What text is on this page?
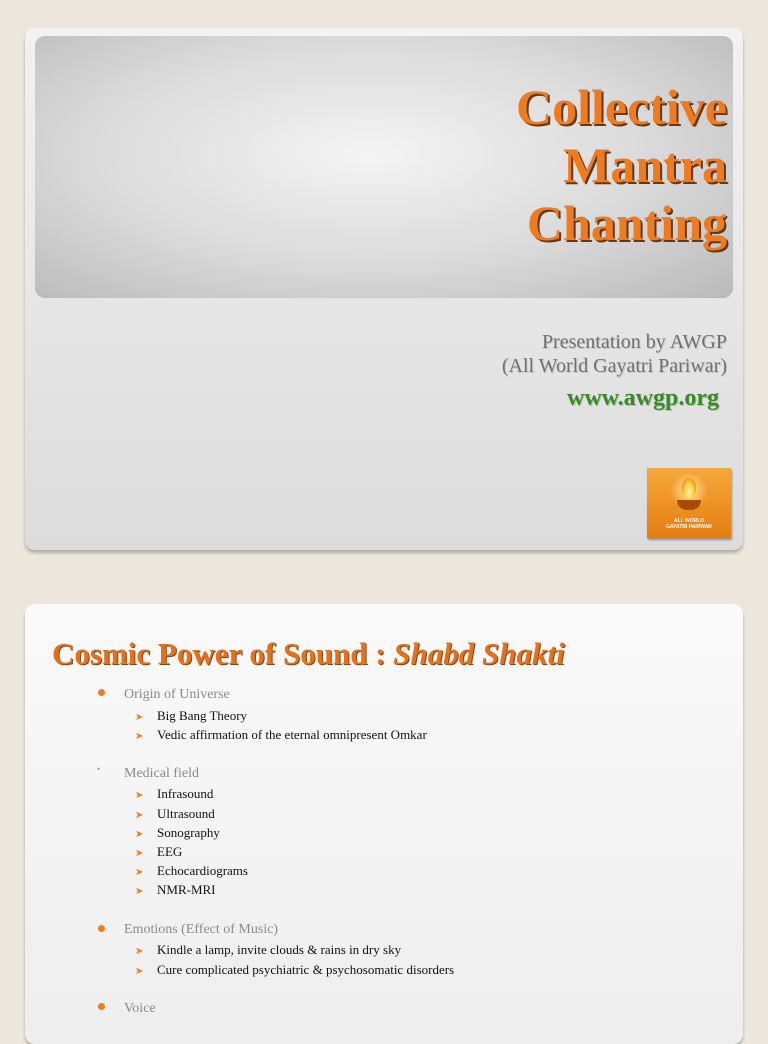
Collective
Mantra
Chanting
Presentation by AWGP
(All World Gayatri Pariwar)
www.awgp.org
ALL WORLD
GAYATRI PARIWAR
Cosmic Power of Sound : Shabd Shakti
Origin of Universe
➤ Big Bang Theory
➤ Vedic affirmation of the eternal omnipresent Omkar
• Medical field
➤ Infrasound
➤ Ultrasound
➤ Sonography
➤ EEG
➤ Echocardiograms
➤ NMR-MRI
Emotions (Effect of Music)
➤ Kindle a lamp, invite clouds & rains in dry sky
➤ Cure complicated psychiatric & psychosomatic disorders
Voice
